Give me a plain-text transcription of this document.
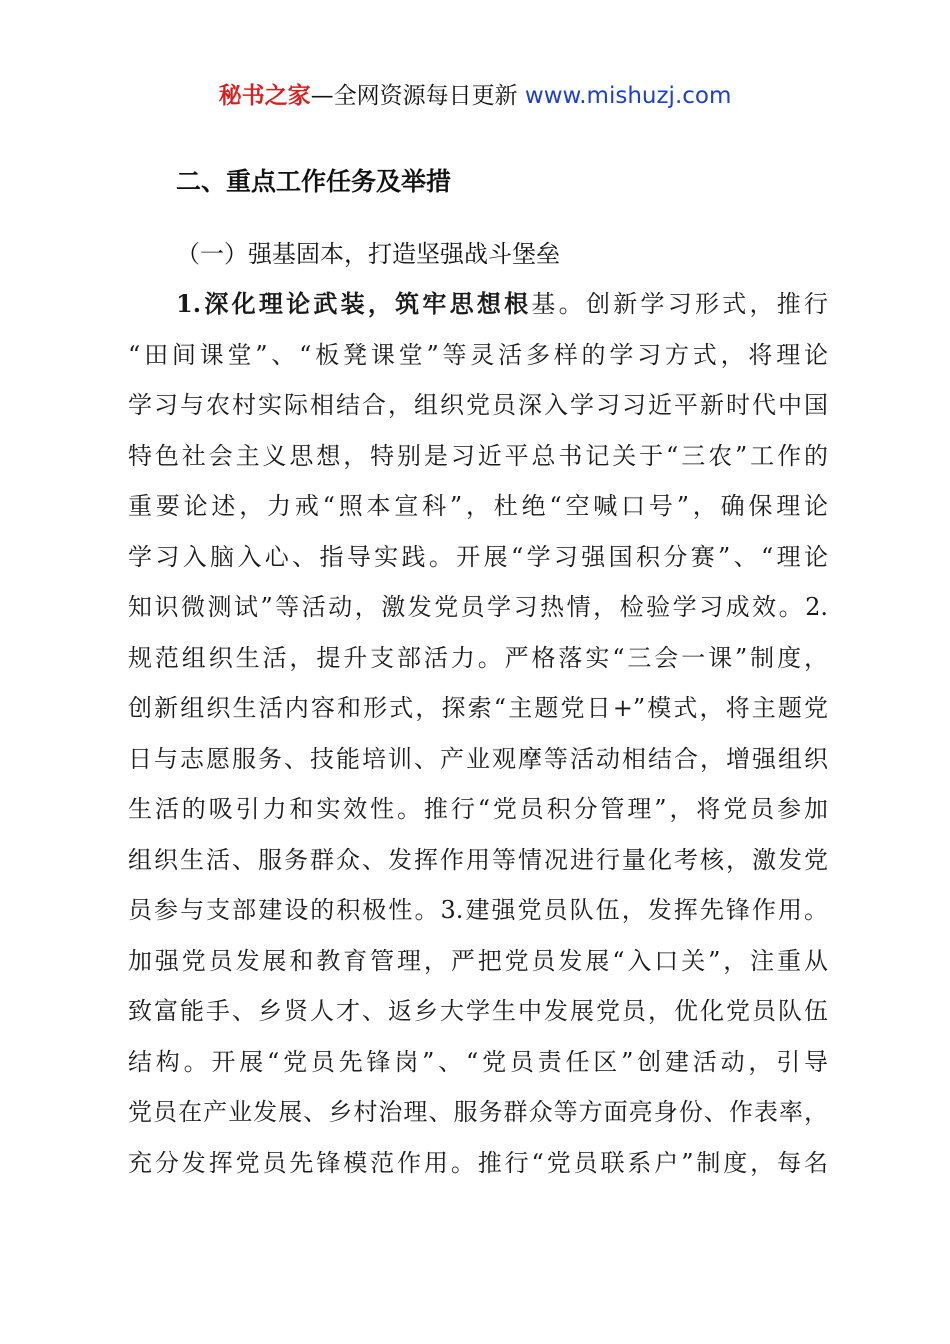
秘书之家—全网资源每日更新 www.mishuzj.com
二、重点工作任务及举措
（一）强基固本，打造坚强战斗堡垒
1.深化理论武装，筑牢思想根基。创新学习形式，推行
“田间课堂”、“板凳课堂”等灵活多样的学习方式，将理论
学习与农村实际相结合，组织党员深入学习习近平新时代中国
特色社会主义思想，特别是习近平总书记关于“三农”工作的
重要论述，力戒“照本宣科”，杜绝“空喊口号”，确保理论
学习入脑入心、指导实践。开展“学习强国积分赛”、“理论
知识微测试”等活动，激发党员学习热情，检验学习成效。2.
规范组织生活，提升支部活力。严格落实“三会一课”制度，
创新组织生活内容和形式，探索“主题党日+”模式，将主题党
日与志愿服务、技能培训、产业观摩等活动相结合，增强组织
生活的吸引力和实效性。推行“党员积分管理”，将党员参加
组织生活、服务群众、发挥作用等情况进行量化考核，激发党
员参与支部建设的积极性。3.建强党员队伍，发挥先锋作用。
加强党员发展和教育管理，严把党员发展“入口关”，注重从
致富能手、乡贤人才、返乡大学生中发展党员，优化党员队伍
结构。开展“党员先锋岗”、“党员责任区”创建活动，引导
党员在产业发展、乡村治理、服务群众等方面亮身份、作表率，
充分发挥党员先锋模范作用。推行“党员联系户”制度，每名
